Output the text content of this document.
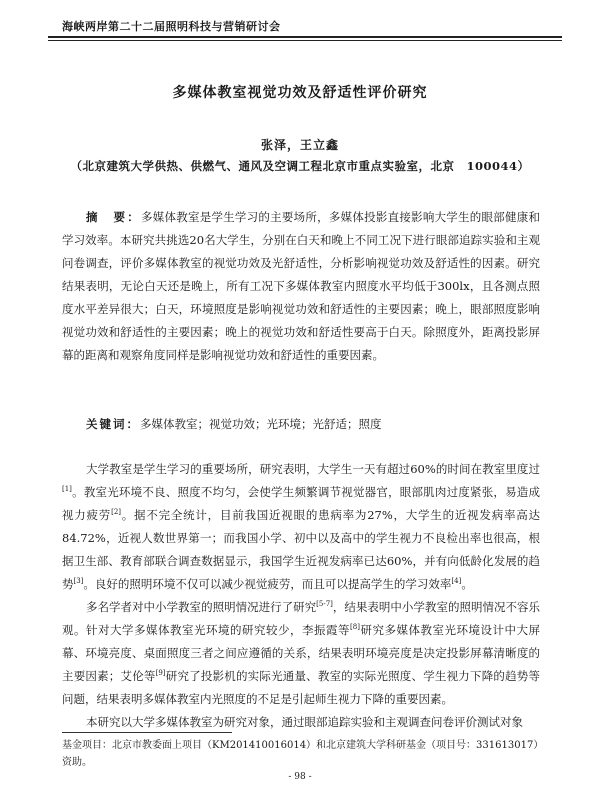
海峡两岸第二十二届照明科技与营销研讨会
多媒体教室视觉功效及舒适性评价研究
张泽，王立鑫
（北京建筑大学供热、供燃气、通风及空调工程北京市重点实验室，北京　100044）
摘　要：多媒体教室是学生学习的主要场所，多媒体投影直接影响大学生的眼部健康和学习效率。本研究共挑选20名大学生，分别在白天和晚上不同工况下进行眼部追踪实验和主观问卷调查，评价多媒体教室的视觉功效及光舒适性，分析影响视觉功效及舒适性的因素。研究结果表明，无论白天还是晚上，所有工况下多媒体教室内照度水平均低于300lx，且各测点照度水平差异很大；白天，环境照度是影响视觉功效和舒适性的主要因素；晚上，眼部照度影响视觉功效和舒适性的主要因素；晚上的视觉功效和舒适性要高于白天。除照度外，距离投影屏幕的距离和观察角度同样是影响视觉功效和舒适性的重要因素。
关键词：多媒体教室；视觉功效；光环境；光舒适；照度
大学教室是学生学习的重要场所，研究表明，大学生一天有超过60%的时间在教室里度过[1]。教室光环境不良、照度不均匀，会使学生频繁调节视觉器官，眼部肌肉过度紧张，易造成视力疲劳[2]。据不完全统计，目前我国近视眼的患病率为27%，大学生的近视发病率高达84.72%，近视人数世界第一；而我国小学、初中以及高中的学生视力不良检出率也很高，根据卫生部、教育部联合调查数据显示，我国学生近视发病率已达60%，并有向低龄化发展的趋势[3]。良好的照明环境不仅可以减少视觉疲劳，而且可以提高学生的学习效率[4]。
多名学者对中小学教室的照明情况进行了研究[5-7]，结果表明中小学教室的照明情况不容乐观。针对大学多媒体教室光环境的研究较少，李振霞等[8]研究多媒体教室光环境设计中大屏幕、环境亮度、桌面照度三者之间应遵循的关系，结果表明环境亮度是决定投影屏幕清晰度的主要因素；艾伦等[9]研究了投影机的实际光通量、教室的实际光照度、学生视力下降的趋势等问题，结果表明多媒体教室内光照度的不足是引起师生视力下降的重要因素。
本研究以大学多媒体教室为研究对象，通过眼部追踪实验和主观调查问卷评价测试对象
基金项目：北京市教委面上项目（KM201410016014）和北京建筑大学科研基金（项目号：331613017）资助。
- 98 -
